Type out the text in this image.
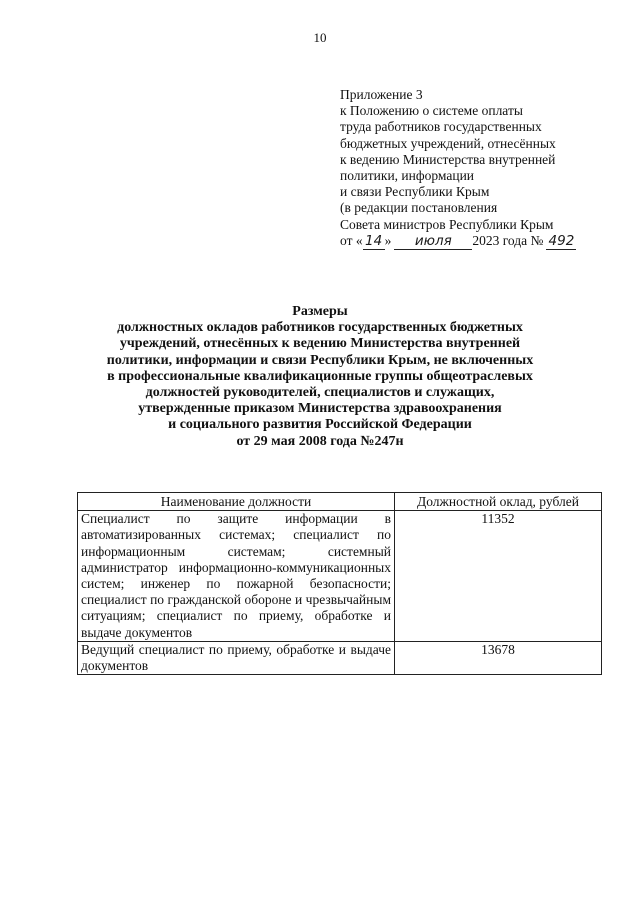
10
Приложение 3
к Положению о системе оплаты
труда работников государственных
бюджетных учреждений, отнесённых
к ведению Министерства внутренней
политики, информации
и связи Республики Крым
(в редакции постановления
Совета министров Республики Крым
от « 14 » июля 2023 года № 492
Размеры
должностных окладов работников государственных бюджетных
учреждений, отнесённых к ведению Министерства внутренней
политики, информации и связи Республики Крым, не включенных
в профессиональные квалификационные группы общеотраслевых
должностей руководителей, специалистов и служащих,
утвержденные приказом Министерства здравоохранения
и социального развития Российской Федерации
от 29 мая 2008 года №247н
Наименование должности	Должностной оклад, рублей
Специалист по защите информации в автоматизированных системах; специалист по информационным системам; системный администратор информационно-коммуникационных систем; инженер по пожарной безопасности; специалист по гражданской обороне и чрезвычайным ситуациям; специалист по приему, обработке и выдаче документов	11352
Ведущий специалист по приему, обработке и выдаче документов	13678
